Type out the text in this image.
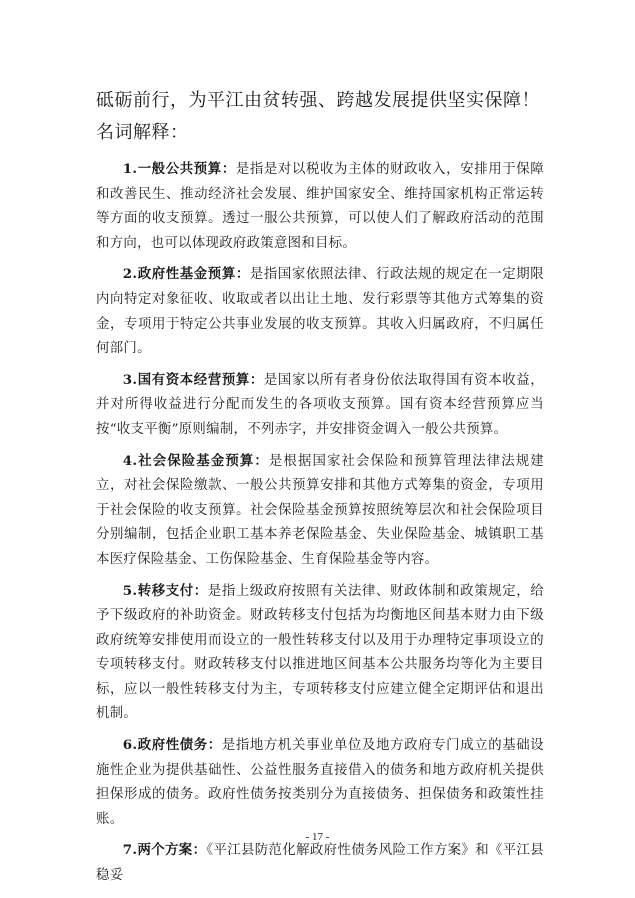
砥砺前行，为平江由贫转强、跨越发展提供坚实保障！

名词解释：

1.一般公共预算：是指是对以税收为主体的财政收入，安排用于保障和改善民生、推动经济社会发展、维护国家安全、维持国家机构正常运转等方面的收支预算。透过一服公共预算，可以使人们了解政府活动的范围和方向，也可以体现政府政策意图和目标。

2.政府性基金预算：是指国家依照法律、行政法规的规定在一定期限内向特定对象征收、收取或者以出让土地、发行彩票等其他方式筹集的资金，专项用于特定公共事业发展的收支预算。其收入归属政府，不归属任何部门。

3.国有资本经营预算：是国家以所有者身份依法取得国有资本收益，并对所得收益进行分配而发生的各项收支预算。国有资本经营预算应当按“收支平衡”原则编制，不列赤字，并安排资金调入一般公共预算。

4.社会保险基金预算：是根据国家社会保险和预算管理法律法规建立，对社会保险缴款、一般公共预算安排和其他方式筹集的资金，专项用于社会保险的收支预算。社会保险基金预算按照统筹层次和社会保险项目分别编制，包括企业职工基本养老保险基金、失业保险基金、城镇职工基本医疗保险基金、工伤保险基金、生育保险基金等内容。

5.转移支付：是指上级政府按照有关法律、财政体制和政策规定，给予下级政府的补助资金。财政转移支付包括为均衡地区间基本财力由下级政府统筹安排使用而设立的一般性转移支付以及用于办理特定事项设立的专项转移支付。财政转移支付以推进地区间基本公共服务均等化为主要目标，应以一般性转移支付为主，专项转移支付应建立健全定期评估和退出机制。

6.政府性债务：是指地方机关事业单位及地方政府专门成立的基础设施性企业为提供基础性、公益性服务直接借入的债务和地方政府机关提供担保形成的债务。政府性债务按类别分为直接债务、担保债务和政策性挂账。

7.两个方案：《平江县防范化解政府性债务风险工作方案》和《平江县稳妥

- 17 -
